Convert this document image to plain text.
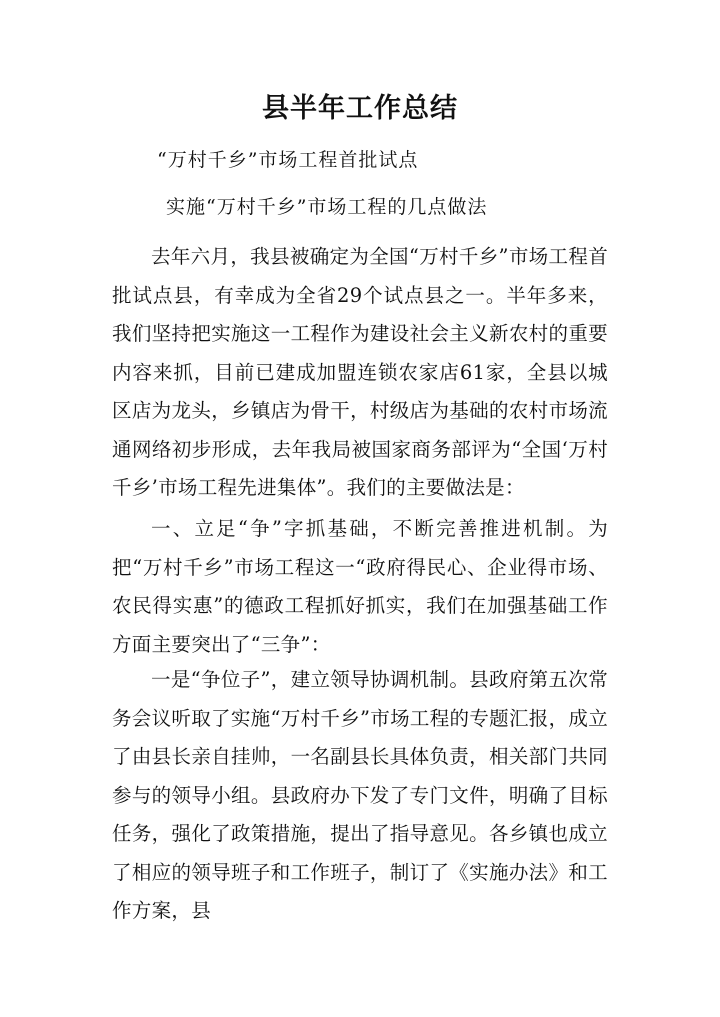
县半年工作总结
“万村千乡”市场工程首批试点
实施“万村千乡”市场工程的几点做法

去年六月，我县被确定为全国“万村千乡”市场工程首批试点县，有幸成为全省29个试点县之一。半年多来，我们坚持把实施这一工程作为建设社会主义新农村的重要内容来抓，目前已建成加盟连锁农家店61家，全县以城区店为龙头，乡镇店为骨干，村级店为基础的农村市场流通网络初步形成，去年我局被国家商务部评为“全国‘万村千乡’市场工程先进集体”。我们的主要做法是：

一、立足“争”字抓基础，不断完善推进机制。为把“万村千乡”市场工程这一“政府得民心、企业得市场、农民得实惠”的德政工程抓好抓实，我们在加强基础工作方面主要突出了“三争”：

一是“争位子”，建立领导协调机制。县政府第五次常务会议听取了实施“万村千乡”市场工程的专题汇报，成立了由县长亲自挂帅，一名副县长具体负责，相关部门共同参与的领导小组。县政府办下发了专门文件，明确了目标任务，强化了政策措施，提出了指导意见。各乡镇也成立了相应的领导班子和工作班子，制订了《实施办法》和工作方案，县
